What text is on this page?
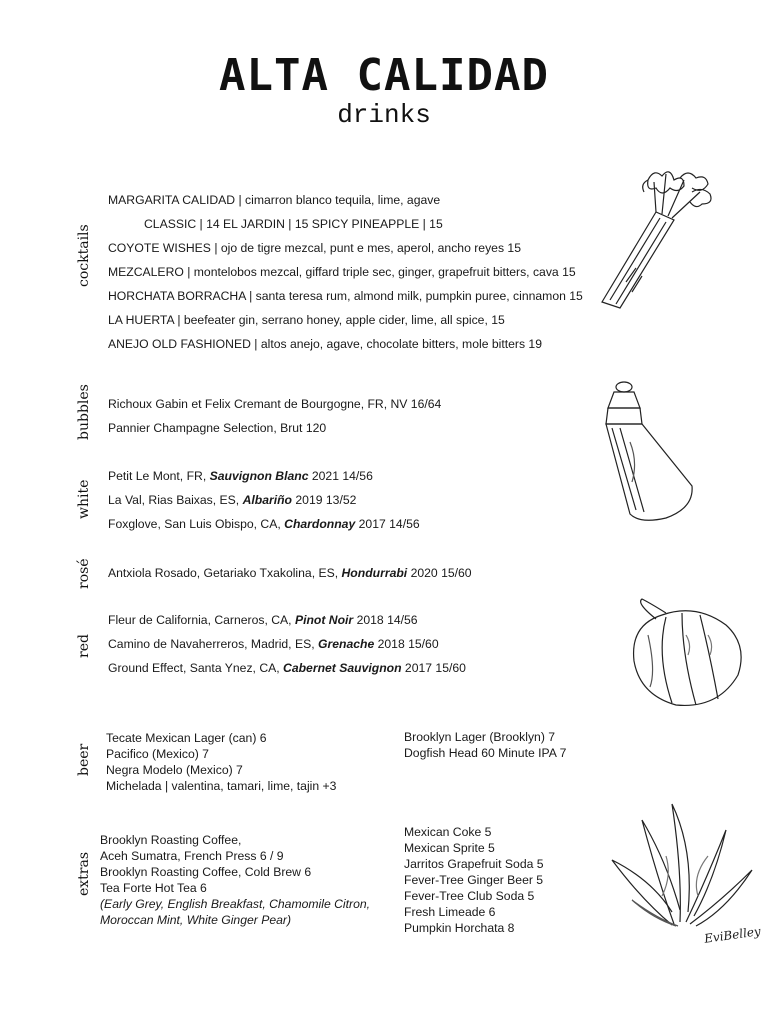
ALTA CALIDAD
drinks
cocktails
bubbles
white
rosé
red
beer
extras
MARGARITA CALIDAD | cimarron blanco tequila, lime, agave
CLASSIC | 14 EL JARDIN | 15 SPICY PINEAPPLE | 15
COYOTE WISHES | ojo de tigre mezcal, punt e mes, aperol, ancho reyes 15
MEZCALERO | montelobos mezcal, giffard triple sec, ginger, grapefruit bitters, cava 15
HORCHATA BORRACHA | santa teresa rum, almond milk, pumpkin puree, cinnamon 15
LA HUERTA | beefeater gin, serrano honey, apple cider, lime, all spice, 15
ANEJO OLD FASHIONED | altos anejo, agave, chocolate bitters, mole bitters 19
Richoux Gabin et Felix Cremant de Bourgogne, FR, NV 16/64
Pannier Champagne Selection, Brut 120
Petit Le Mont, FR, Sauvignon Blanc 2021 14/56
La Val, Rias Baixas, ES, Albariño 2019 13/52
Foxglove, San Luis Obispo, CA, Chardonnay 2017 14/56
Antxiola Rosado, Getariako Txakolina, ES, Hondurrabi 2020 15/60
Fleur de California, Carneros, CA, Pinot Noir 2018 14/56
Camino de Navaherreros, Madrid, ES, Grenache 2018 15/60
Ground Effect, Santa Ynez, CA, Cabernet Sauvignon 2017 15/60
Tecate Mexican Lager (can) 6
Pacifico (Mexico) 7
Negra Modelo (Mexico) 7
Michelada | valentina, tamari, lime, tajin +3
Brooklyn Lager (Brooklyn) 7
Dogfish Head 60 Minute IPA 7
Brooklyn Roasting Coffee,
Aceh Sumatra, French Press 6 / 9
Brooklyn Roasting Coffee, Cold Brew 6
Tea Forte Hot Tea 6
(Early Grey, English Breakfast, Chamomile Citron,
Moroccan Mint, White Ginger Pear)
Mexican Coke 5
Mexican Sprite 5
Jarritos Grapefruit Soda 5
Fever-Tree Ginger Beer 5
Fever-Tree Club Soda 5
Fresh Limeade 6
Pumpkin Horchata 8	EviBelley
